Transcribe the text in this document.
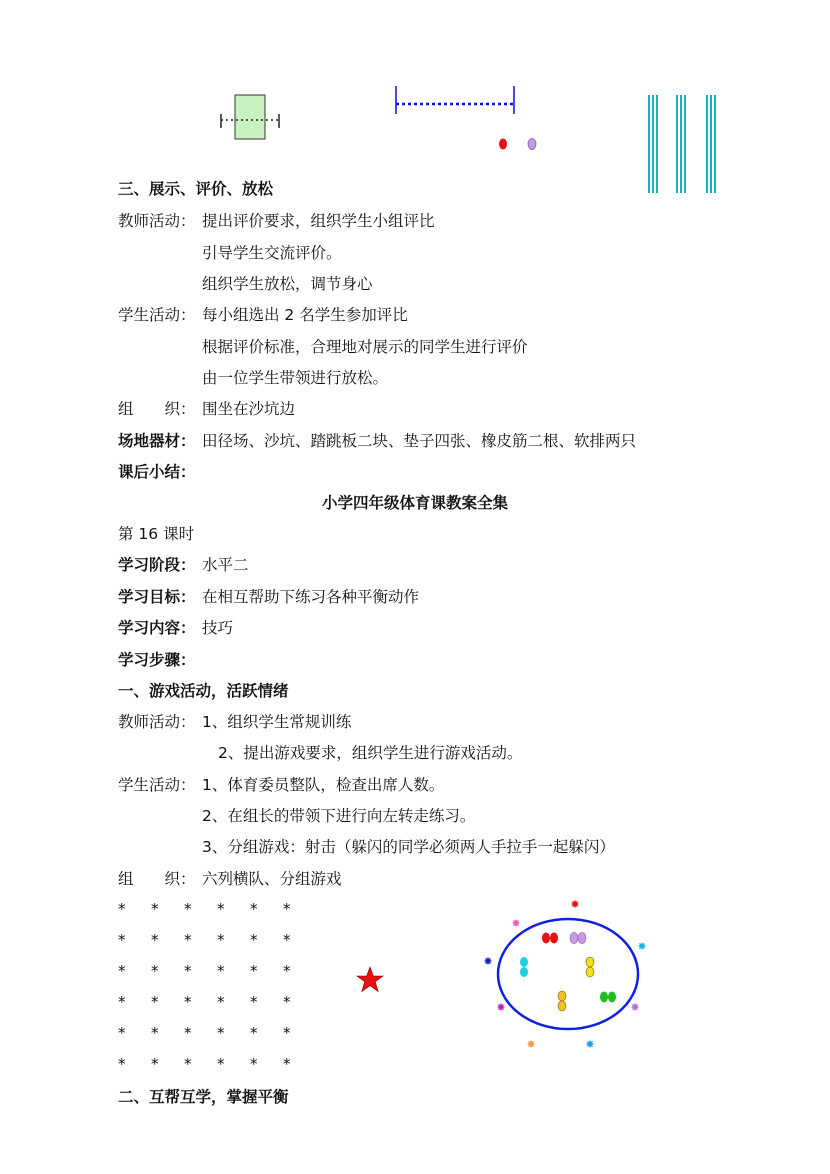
三、展示、评价、放松
教师活动： 提出评价要求，组织学生小组评比
引导学生交流评价。
组织学生放松，调节身心
学生活动： 每小组选出 2 名学生参加评比
根据评价标准，合理地对展示的同学生进行评价
由一位学生带领进行放松。
组　　织： 围坐在沙坑边
场地器材： 田径场、沙坑、踏跳板二块、垫子四张、橡皮筋二根、软排两只
课后小结：
小学四年级体育课教案全集
第 16 课时
学习阶段： 水平二
学习目标： 在相互帮助下练习各种平衡动作
学习内容： 技巧
学习步骤：
一、游戏活动，活跃情绪
教师活动： 1、组织学生常规训练
2、提出游戏要求，组织学生进行游戏活动。
学生活动： 1、体育委员整队，检查出席人数。
2、在组长的带领下进行向左转走练习。
3、分组游戏：射击（躲闪的同学必须两人手拉手一起躲闪）
组　　织： 六列横队、分组游戏
* * * * * *
* * * * * *
* * * * * *
* * * * * *
* * * * * *
* * * * * *
✸
✸
✸
✸
✸	✸
✸	✸
二、互帮互学，掌握平衡
